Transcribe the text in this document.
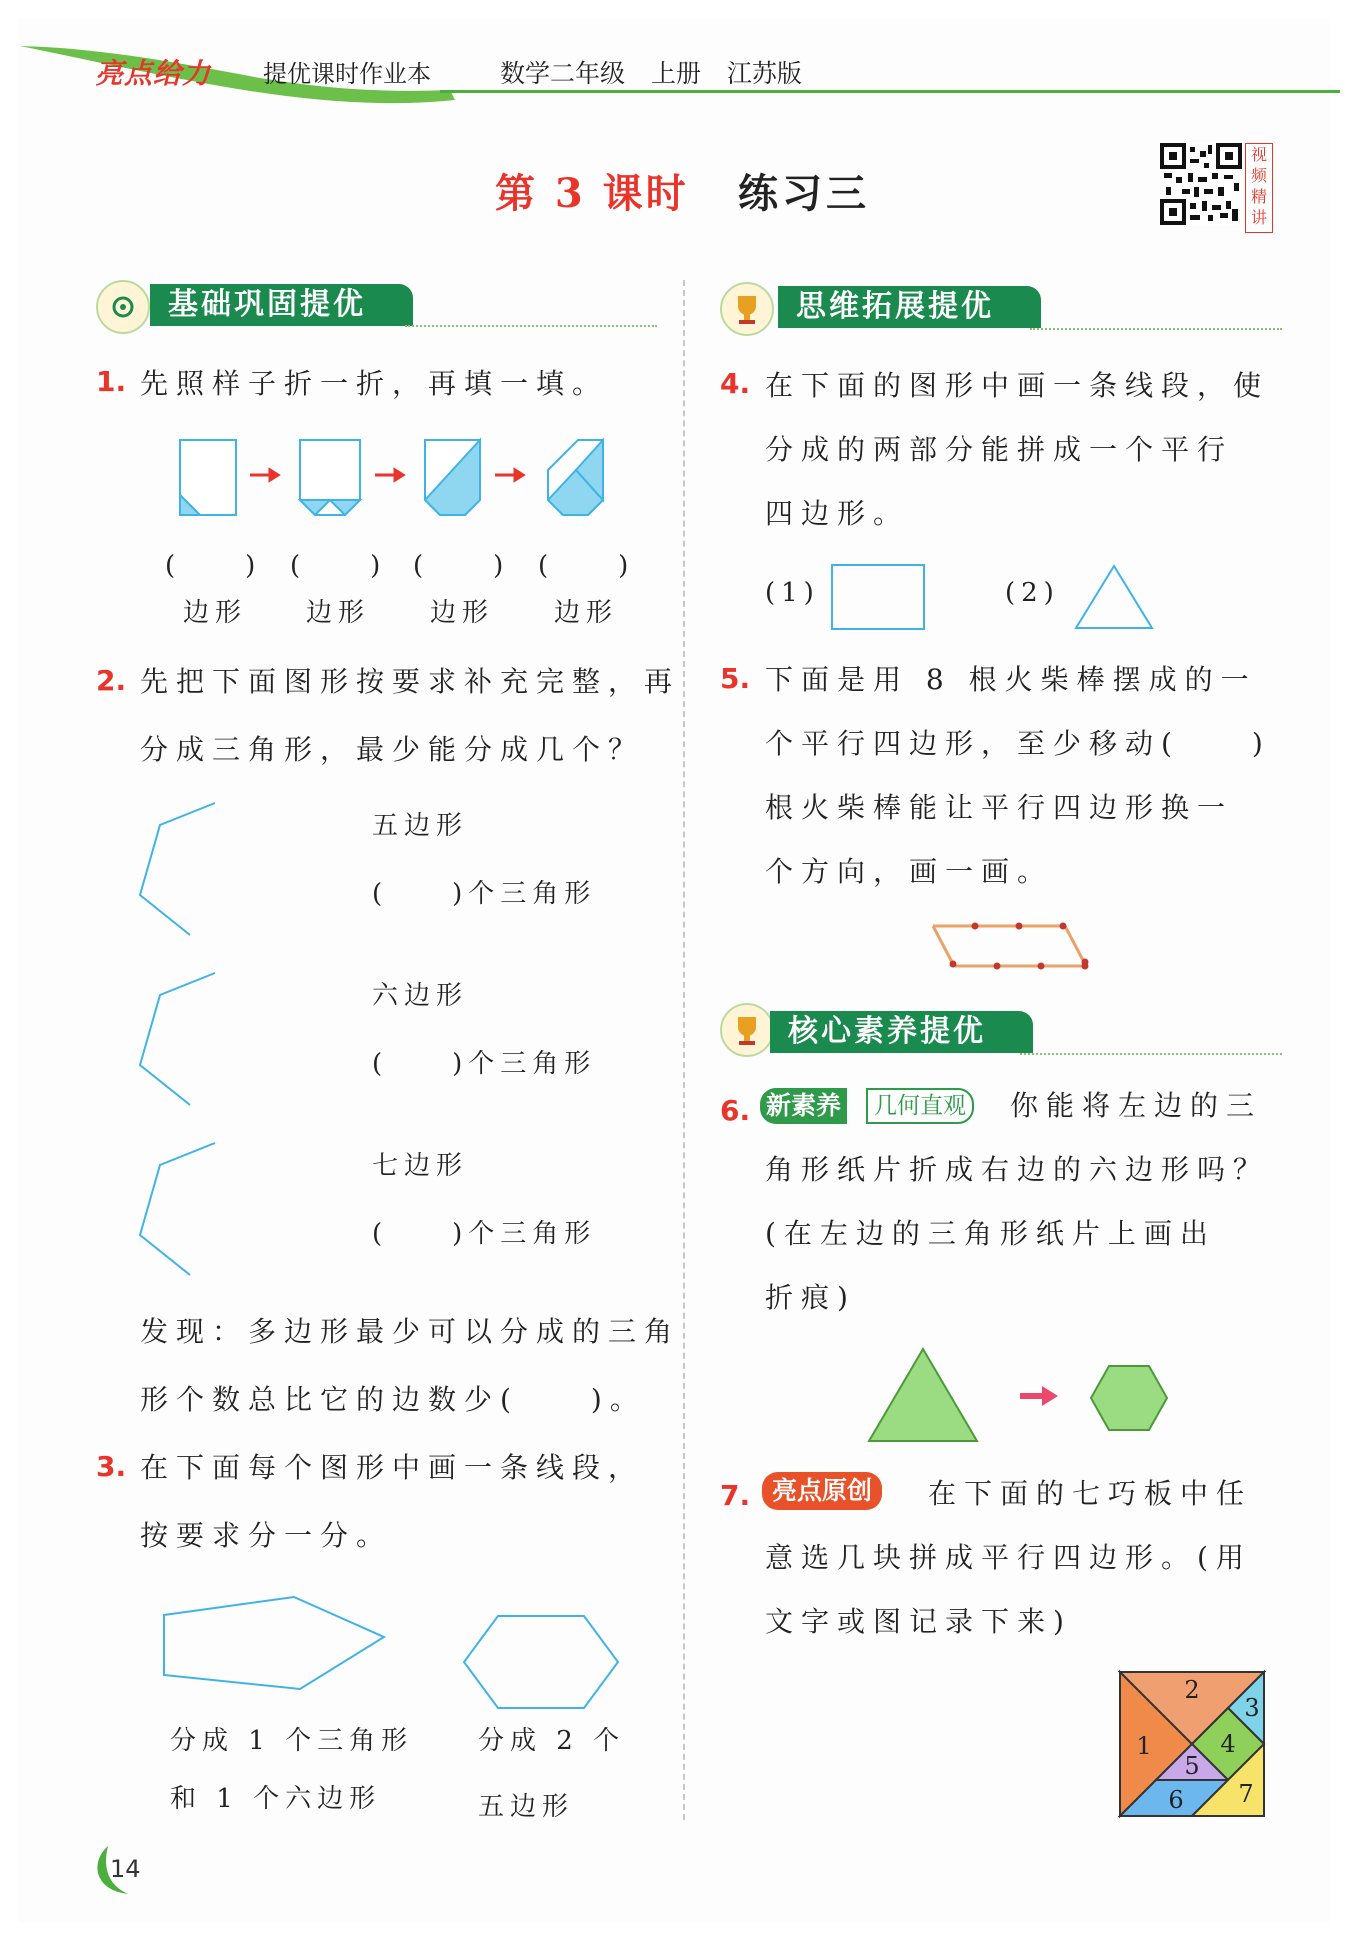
亮点给力 提优课时作业本	数学二年级 上册 江苏版
第 3 课时 练习三
视频精讲
基础巩固提优
1. 先照样子折一折，再填一填。
(　　) (　　) (　　) (　　)
边形 边形 边形 边形
2. 先把下面图形按要求补充完整，再
分成三角形，最少能分成几个？
五边形
(　　)个三角形
六边形
(　　)个三角形
七边形
(　　)个三角形
发现：多边形最少可以分成的三角
形个数总比它的边数少(　　)。
3. 在下面每个图形中画一条线段，
按要求分一分。
分成 1 个三角形
和 1 个六边形
分成 2 个
五边形
思维拓展提优
4. 在下面的图形中画一条线段，使
分成的两部分能拼成一个平行
四边形。
(1)	(2)
5. 下面是用 8 根火柴棒摆成的一
个平行四边形，至少移动(　　)
根火柴棒能让平行四边形换一
个方向，画一画。
核心素养提优
6. 新素养	几何直观 你能将左边的三
角形纸片折成右边的六边形吗？
(在左边的三角形纸片上画出
折痕)
7. 亮点原创	在下面的七巧板中任
意选几块拼成平行四边形。(用
文字或图记录下来)
1
2
3
4
5
6 7
14
